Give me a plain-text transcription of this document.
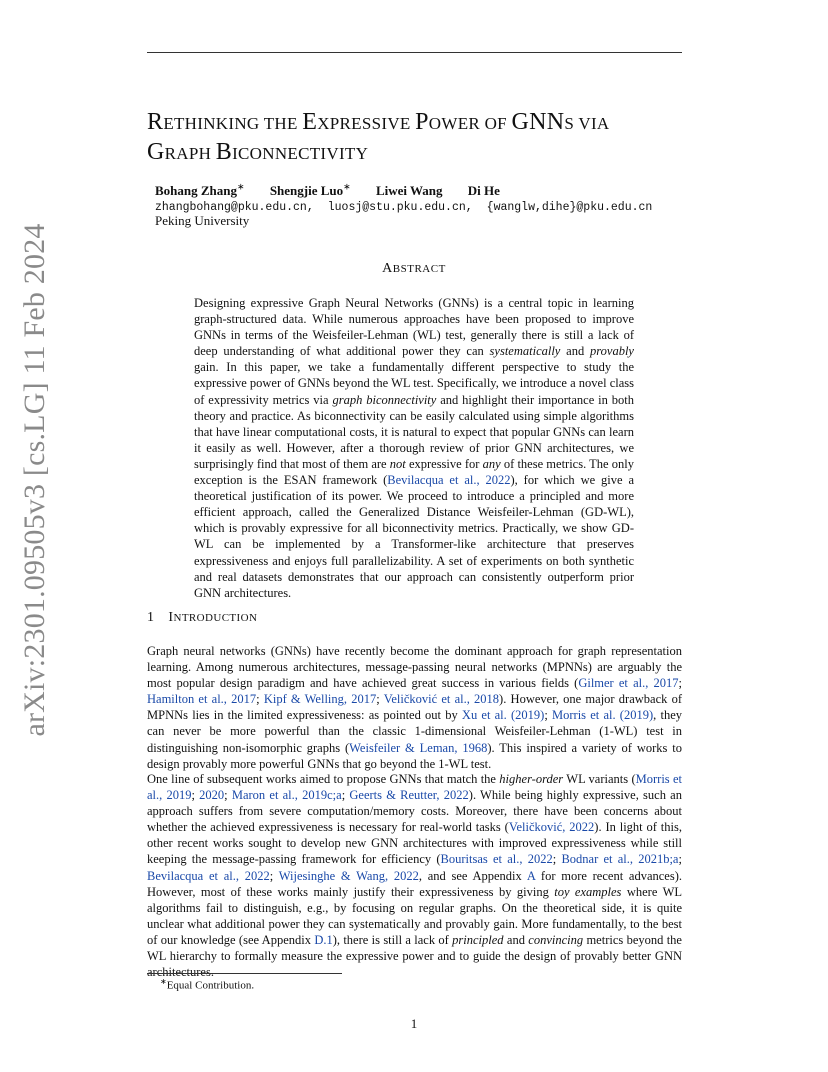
arXiv:2301.09505v3 [cs.LG] 11 Feb 2024
RETHINKING THE EXPRESSIVE POWER OF GNNS VIA
GRAPH BICONNECTIVITY
Bohang Zhang∗ Shengjie Luo∗ Liwei Wang Di He
zhangbohang@pku.edu.cn, luosj@stu.pku.edu.cn, {wanglw,dihe}@pku.edu.cn
Peking University
ABSTRACT
Designing expressive Graph Neural Networks (GNNs) is a central topic in learning graph-structured data. While numerous approaches have been proposed to improve GNNs in terms of the Weisfeiler-Lehman (WL) test, generally there is still a lack of deep understanding of what additional power they can systematically and provably gain. In this paper, we take a fundamentally different perspective to study the expressive power of GNNs beyond the WL test. Specifically, we introduce a novel class of expressivity metrics via graph biconnectivity and highlight their importance in both theory and practice. As biconnectivity can be easily calculated using simple algorithms that have linear computational costs, it is natural to expect that popular GNNs can learn it easily as well. However, after a thorough review of prior GNN architectures, we surprisingly find that most of them are not expressive for any of these metrics. The only exception is the ESAN framework (Bevilacqua et al., 2022), for which we give a theoretical justification of its power. We proceed to introduce a principled and more efficient approach, called the Generalized Distance Weisfeiler-Lehman (GD-WL), which is provably expressive for all biconnectivity metrics. Practically, we show GD-WL can be implemented by a Transformer-like architecture that preserves expressiveness and enjoys full parallelizability. A set of experiments on both synthetic and real datasets demonstrates that our approach can consistently outperform prior GNN architectures.
1 INTRODUCTION
Graph neural networks (GNNs) have recently become the dominant approach for graph representation learning. Among numerous architectures, message-passing neural networks (MPNNs) are arguably the most popular design paradigm and have achieved great success in various fields (Gilmer et al., 2017; Hamilton et al., 2017; Kipf & Welling, 2017; Veličković et al., 2018). However, one major drawback of MPNNs lies in the limited expressiveness: as pointed out by Xu et al. (2019); Morris et al. (2019), they can never be more powerful than the classic 1-dimensional Weisfeiler-Lehman (1-WL) test in distinguishing non-isomorphic graphs (Weisfeiler & Leman, 1968). This inspired a variety of works to design provably more powerful GNNs that go beyond the 1-WL test.
One line of subsequent works aimed to propose GNNs that match the higher-order WL variants (Morris et al., 2019; 2020; Maron et al., 2019c;a; Geerts & Reutter, 2022). While being highly expressive, such an approach suffers from severe computation/memory costs. Moreover, there have been concerns about whether the achieved expressiveness is necessary for real-world tasks (Veličković, 2022). In light of this, other recent works sought to develop new GNN architectures with improved expressiveness while still keeping the message-passing framework for efficiency (Bouritsas et al., 2022; Bodnar et al., 2021b;a; Bevilacqua et al., 2022; Wijesinghe & Wang, 2022, and see Appendix A for more recent advances). However, most of these works mainly justify their expressiveness by giving toy examples where WL algorithms fail to distinguish, e.g., by focusing on regular graphs. On the theoretical side, it is quite unclear what additional power they can systematically and provably gain. More fundamentally, to the best of our knowledge (see Appendix D.1), there is still a lack of principled and convincing metrics beyond the WL hierarchy to formally measure the expressive power and to guide the design of provably better GNN architectures.
∗Equal Contribution.
1
